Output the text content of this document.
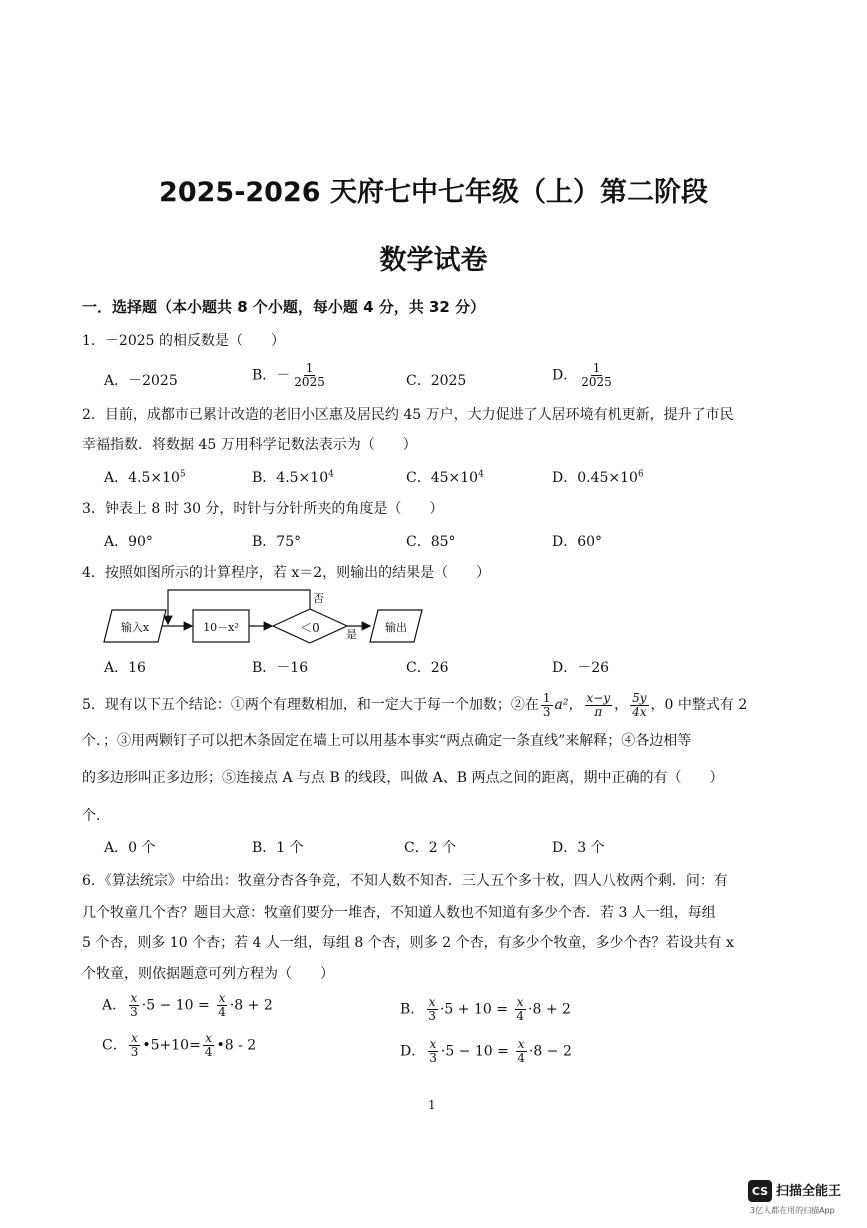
2025-2026 天府七中七年级（上）第二阶段
数学试卷
一．选择题（本小题共 8 个小题，每小题 4 分，共 32 分）
1．－2025 的相反数是（　　）
A．－2025	B．－ $\frac{1}{2025}$	C．2025	D． $\frac{1}{2025}$
2．目前，成都市已累计改造的老旧小区惠及居民约 45 万户，大力促进了人居环境有机更新，提升了市民
幸福指数．将数据 45 万用科学记数法表示为（　　）
A．$4.5\times 10^5$	B．$4.5\times 10^4$	C．$45\times 10^4$	D．$0.45\times 10^6$
3．钟表上 8 时 30 分，时针与分针所夹的角度是（　　）
A．90°	B．75°	C．85°	D．60°
4．按照如图所示的计算程序，若 x＝2，则输出的结果是（　　）
输入x	10－x²	＜0
否
是
输出
A．16	B．－16	C．26	D．－26
5．现有以下五个结论：①两个有理数相加，和一定大于每一个加数；②在 $\frac{1}{3} a^2$， $\frac{x-y}{\pi}$ ， $\frac{5y}{4x}$ ，0 中整式有 2
个．；③用两颗钉子可以把木条固定在墙上可以用基本事实“两点确定一条直线”来解释；④各边相等
的多边形叫正多边形；⑤连接点 A 与点 B 的线段，叫做 A、B 两点之间的距离，期中正确的有（　　）
个．
A．0 个	B．1 个	C．2 个	D．3 个
6．《算法统宗》中给出：牧童分杏各争竞，不知人数不知杏．三人五个多十枚，四人八枚两个剩．问：有
几个牧童几个杏？题目大意：牧童们要分一堆杏，不知道人数也不知道有多少个杏．若 3 人一组，每组
5 个杏，则多 10 个杏；若 4 人一组，每组 8 个杏，则多 2 个杏，有多少个牧童，多少个杏？若设共有 x
个牧童，则依据题意可列方程为（　　）
A． $\frac{x}{3} \cdot 5 - 10 = \frac{x}{4} \cdot 8 + 2$	B． $\frac{x}{3} \cdot 5 + 10 = \frac{x}{4} \cdot 8 + 2$
C． $\frac{x}{3}$ •5+10= $\frac{x}{4}$ •8 - 2	D． $\frac{x}{3} \cdot 5 - 10 = \frac{x}{4} \cdot 8 - 2$
1
CS 扫描全能王
3亿人都在用的扫描App
